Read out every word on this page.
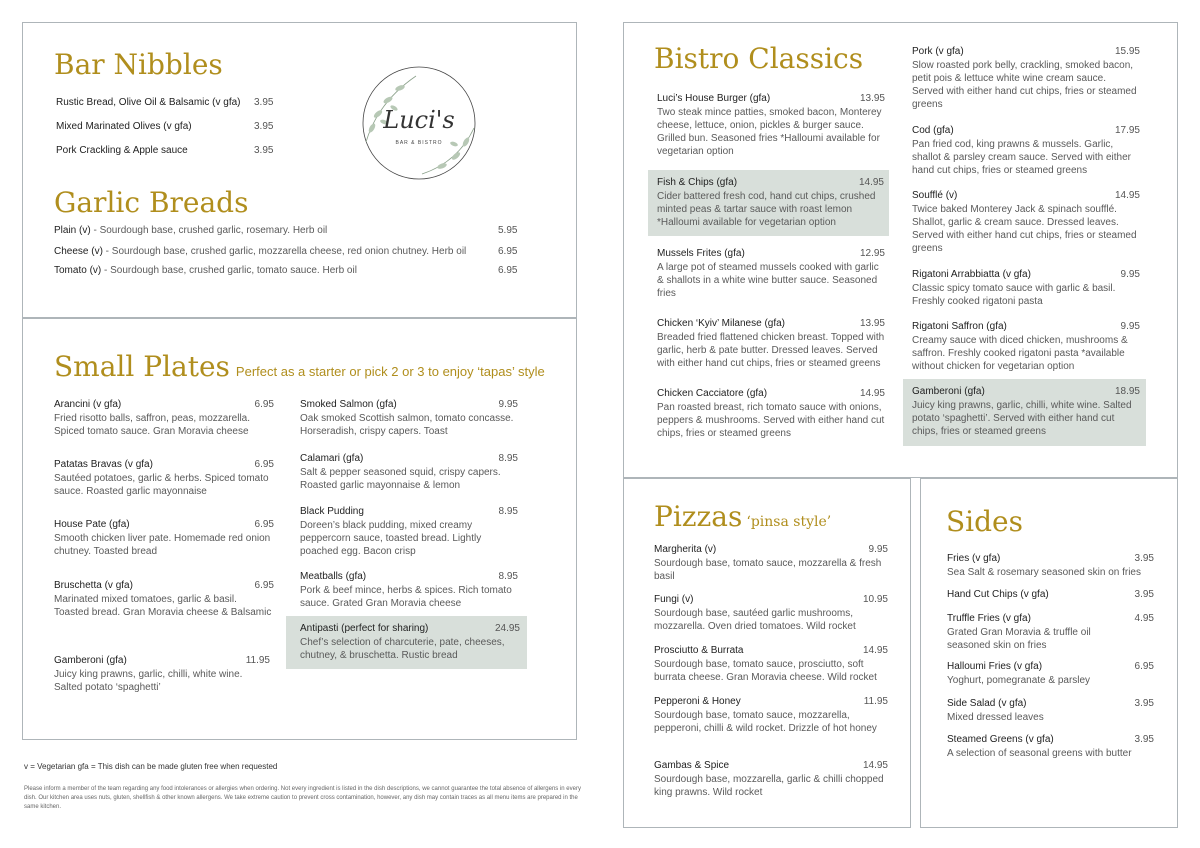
Bar Nibbles
Rustic Bread, Olive Oil & Balsamic (v gfa) 3.95
Mixed Marinated Olives (v gfa)	3.95
Pork Crackling & Apple sauce	3.95
Luci's
BAR & BISTRO
Garlic Breads
Plain (v) - Sourdough base, crushed garlic, rosemary. Herb oil	5.95
Cheese (v) - Sourdough base, crushed garlic, mozzarella cheese, red onion chutney. Herb oil	6.95
Tomato (v) - Sourdough base, crushed garlic, tomato sauce. Herb oil	6.95
Small Plates Perfect as a starter or pick 2 or 3 to enjoy ‘tapas’ style
Arancini (v gfa)	6.95
Fried risotto balls, saffron, peas, mozzarella. Spiced tomato sauce. Gran Moravia cheese
Patatas Bravas (v gfa)	6.95
Sautéed potatoes, garlic & herbs. Spiced tomato sauce. Roasted garlic mayonnaise
House Pate (gfa)	6.95
Smooth chicken liver pate. Homemade red onion chutney. Toasted bread
Bruschetta (v gfa)	6.95
Marinated mixed tomatoes, garlic & basil. Toasted bread. Gran Moravia cheese & Balsamic
Gamberoni (gfa)	11.95
Juicy king prawns, garlic, chilli, white wine. Salted potato ‘spaghetti’
Smoked Salmon (gfa)	9.95
Oak smoked Scottish salmon, tomato concasse. Horseradish, crispy capers. Toast
Calamari (gfa)	8.95
Salt & pepper seasoned squid, crispy capers. Roasted garlic mayonnaise & lemon
Black Pudding	8.95
Doreen’s black pudding, mixed creamy peppercorn sauce, toasted bread. Lightly poached egg. Bacon crisp
Meatballs (gfa)	8.95
Pork & beef mince, herbs & spices. Rich tomato sauce. Grated Gran Moravia cheese
Antipasti (perfect for sharing)	24.95
Chef’s selection of charcuterie, pate, cheeses, chutney, & bruschetta. Rustic bread
v = Vegetarian gfa = This dish can be made gluten free when requested
Please inform a member of the team regarding any food intolerances or allergies when ordering. Not every ingredient is listed in the dish descriptions, we cannot guarantee the total absence of allergens in every dish. Our kitchen area uses nuts, gluten, shellfish & other known allergens. We take extreme caution to prevent cross contamination, however, any dish may contain traces as all menu items are prepared in the same kitchen.
Bistro Classics
Luci’s House Burger (gfa)	13.95
Two steak mince patties, smoked bacon, Monterey cheese, lettuce, onion, pickles & burger sauce. Grilled bun. Seasoned fries *Halloumi available for vegetarian option
Fish & Chips (gfa)	14.95
Cider battered fresh cod, hand cut chips, crushed minted peas & tartar sauce with roast lemon *Halloumi available for vegetarian option
Mussels Frites (gfa)	12.95
A large pot of steamed mussels cooked with garlic & shallots in a white wine butter sauce. Seasoned fries
Chicken ‘Kyiv’ Milanese (gfa)	13.95
Breaded fried flattened chicken breast. Topped with garlic, herb & pate butter. Dressed leaves. Served with either hand cut chips, fries or steamed greens
Chicken Cacciatore (gfa)	14.95
Pan roasted breast, rich tomato sauce with onions, peppers & mushrooms. Served with either hand cut chips, fries or steamed greens
Pork (v gfa)	15.95
Slow roasted pork belly, crackling, smoked bacon, petit pois & lettuce white wine cream sauce. Served with either hand cut chips, fries or steamed greens
Cod (gfa)	17.95
Pan fried cod, king prawns & mussels. Garlic, shallot & parsley cream sauce. Served with either hand cut chips, fries or steamed greens
Soufflé (v)	14.95
Twice baked Monterey Jack & spinach soufflé. Shallot, garlic & cream sauce. Dressed leaves. Served with either hand cut chips, fries or steamed greens
Rigatoni Arrabbiatta (v gfa)	9.95
Classic spicy tomato sauce with garlic & basil. Freshly cooked rigatoni pasta
Rigatoni Saffron (gfa)	9.95
Creamy sauce with diced chicken, mushrooms & saffron. Freshly cooked rigatoni pasta *available without chicken for vegetarian option
Gamberoni (gfa)	18.95
Juicy king prawns, garlic, chilli, white wine. Salted potato ‘spaghetti’. Served with either hand cut chips, fries or steamed greens
Pizzas ‘pinsa style’
Margherita (v)	9.95
Sourdough base, tomato sauce, mozzarella & fresh basil
Fungi (v)	10.95
Sourdough base, sautéed garlic mushrooms, mozzarella. Oven dried tomatoes. Wild rocket
Prosciutto & Burrata	14.95
Sourdough base, tomato sauce, prosciutto, soft burrata cheese. Gran Moravia cheese. Wild rocket
Pepperoni & Honey	11.95
Sourdough base, tomato sauce, mozzarella, pepperoni, chilli & wild rocket. Drizzle of hot honey
Gambas & Spice	14.95
Sourdough base, mozzarella, garlic & chilli chopped king prawns. Wild rocket
Sides
Fries (v gfa)	3.95
Sea Salt & rosemary seasoned skin on fries
Hand Cut Chips (v gfa)	3.95
Truffle Fries (v gfa)	4.95
Grated Gran Moravia & truffle oil seasoned skin on fries
Halloumi Fries (v gfa)	6.95
Yoghurt, pomegranate & parsley
Side Salad (v gfa)	3.95
Mixed dressed leaves
Steamed Greens (v gfa)	3.95
A selection of seasonal greens with butter
